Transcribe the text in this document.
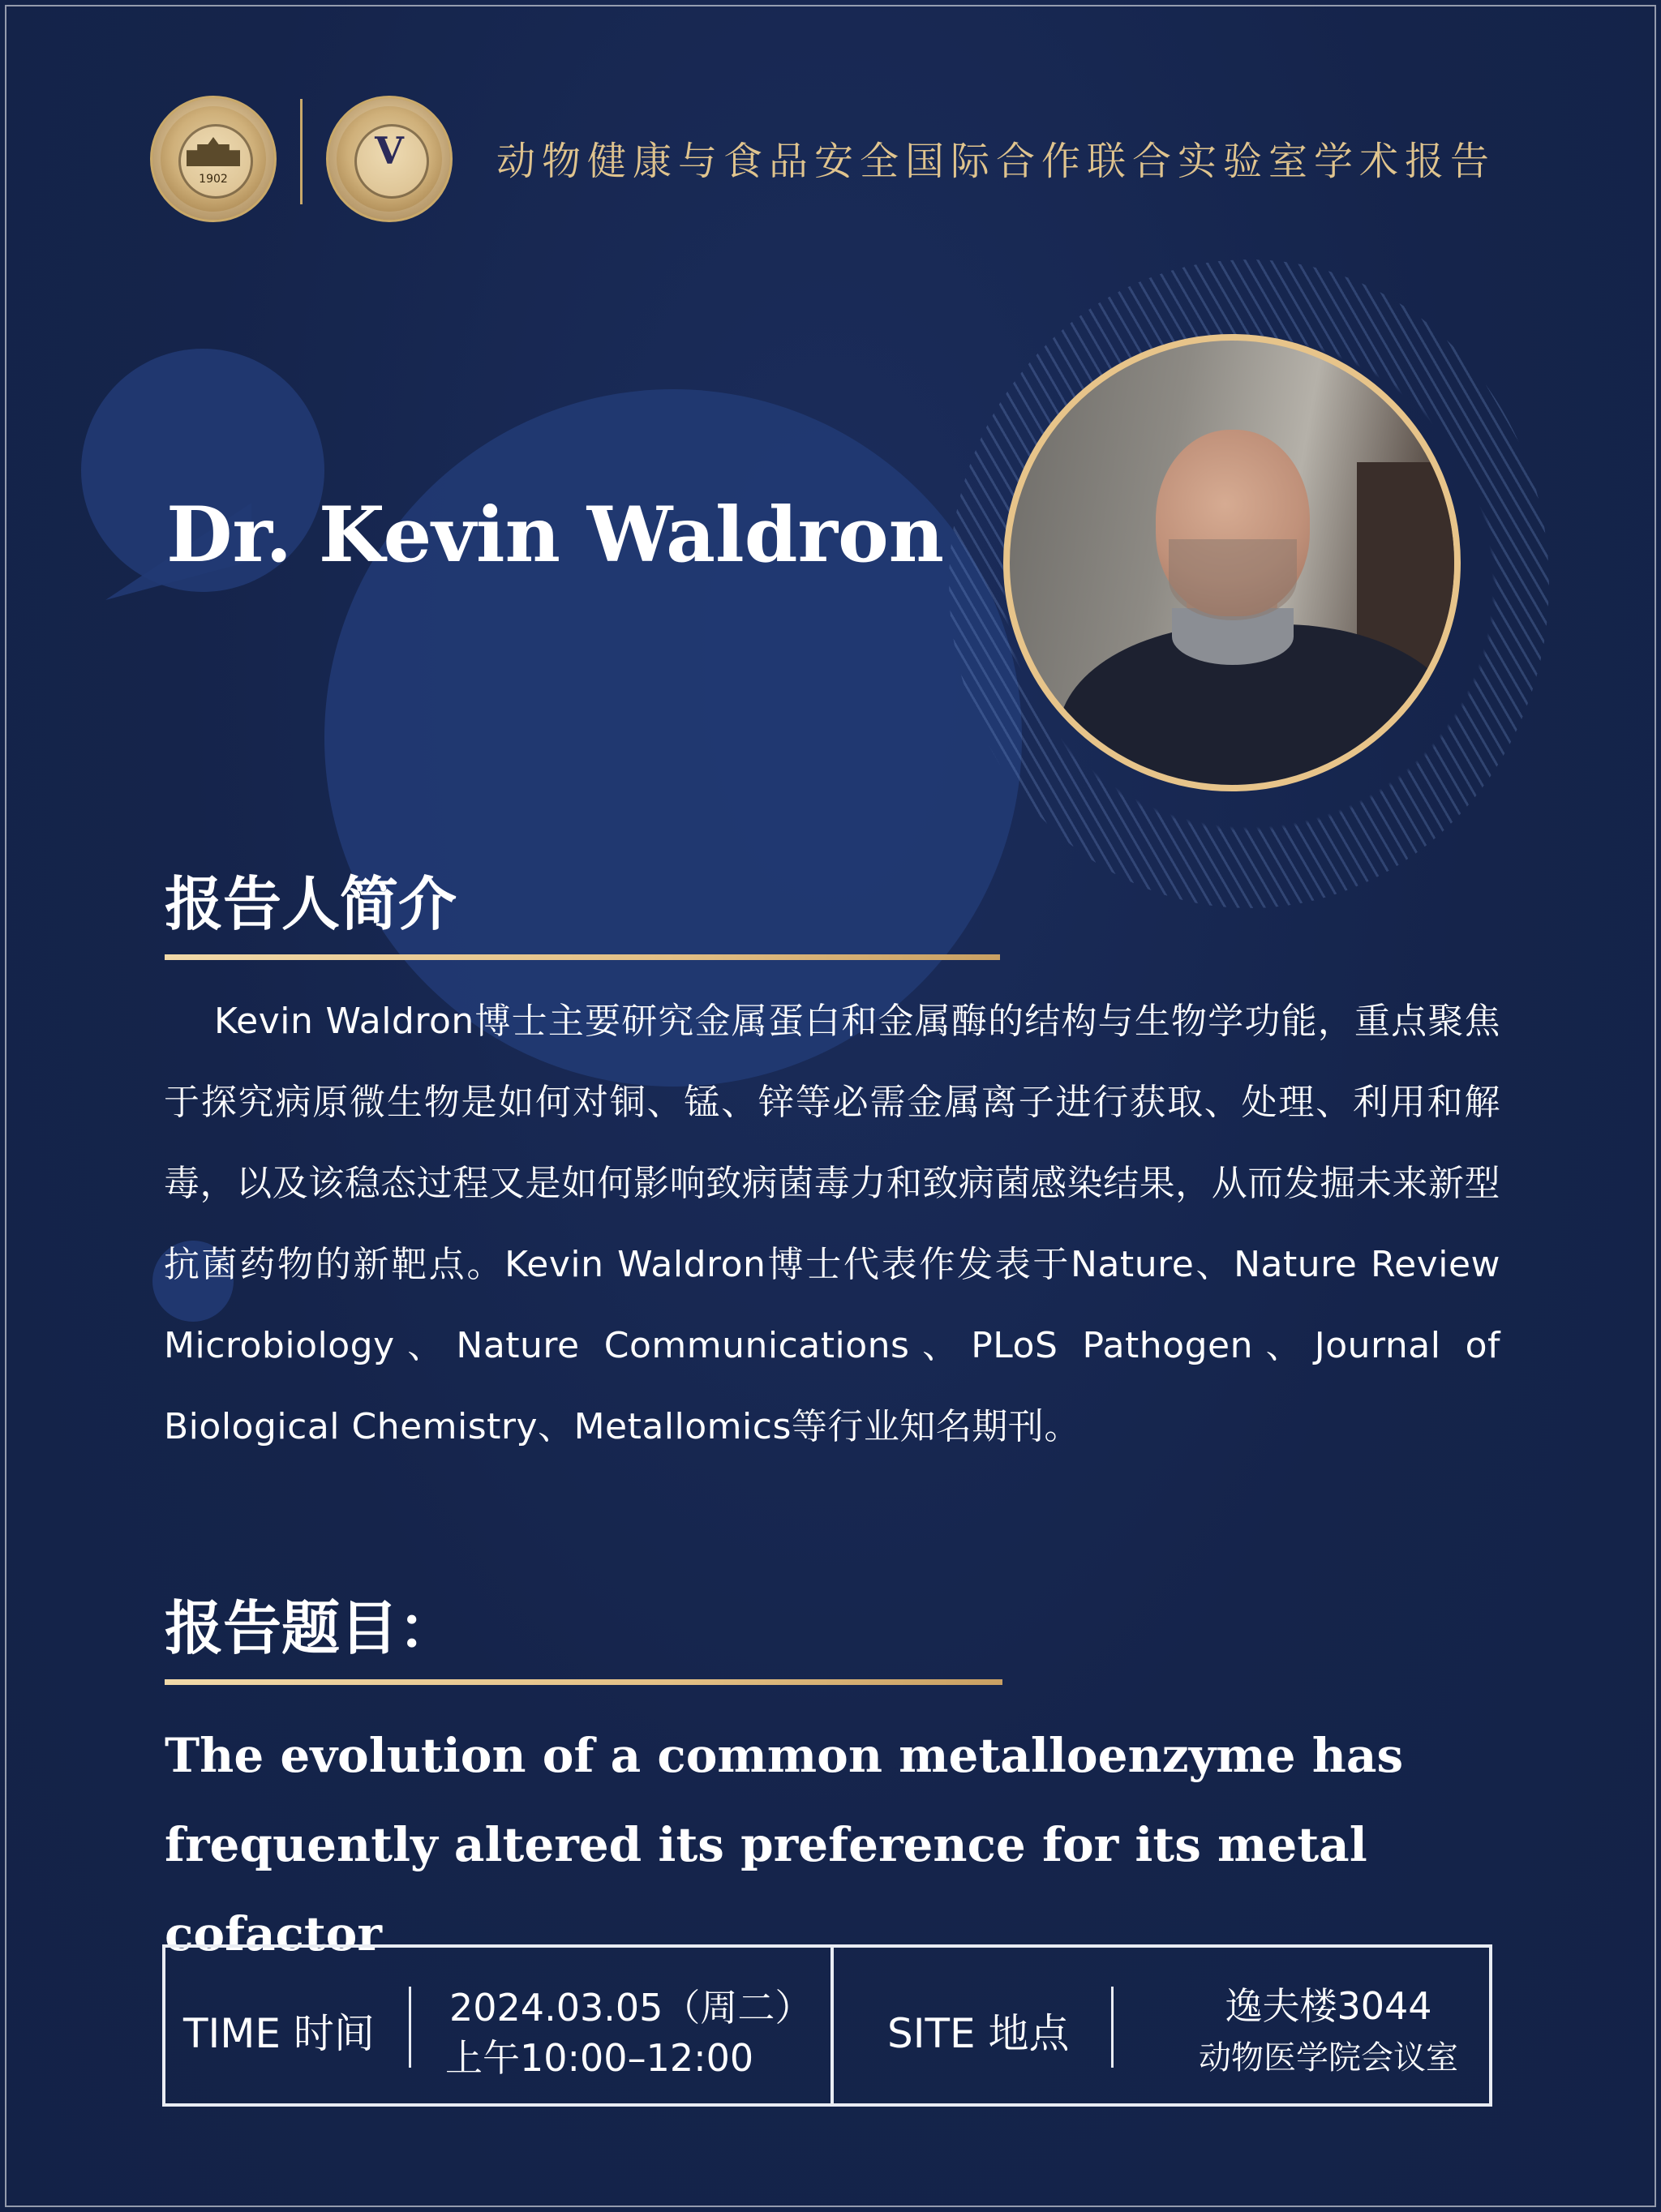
1902
V	动物健康与食品安全国际合作联合实验室学术报告
Dr. Kevin Waldron
报告人简介
Kevin Waldron博士主要研究金属蛋白和金属酶的结构与生物学功能，重点聚焦于探究病原微生物是如何对铜、锰、锌等必需金属离子进行获取、处理、利用和解毒，以及该稳态过程又是如何影响致病菌毒力和致病菌感染结果，从而发掘未来新型抗菌药物的新靶点。Kevin Waldron博士代表作发表于Nature、Nature Review Microbiology、Nature Communications、PLoS Pathogen、Journal of Biological Chemistry、Metallomics等行业知名期刊。
报告题目：
The evolution of a common metalloenzyme has frequently altered its preference for its metal cofactor
TIME 时间
2024.03.05（周二）
上午10:00–12:00
SITE 地点
逸夫楼3044
动物医学院会议室
